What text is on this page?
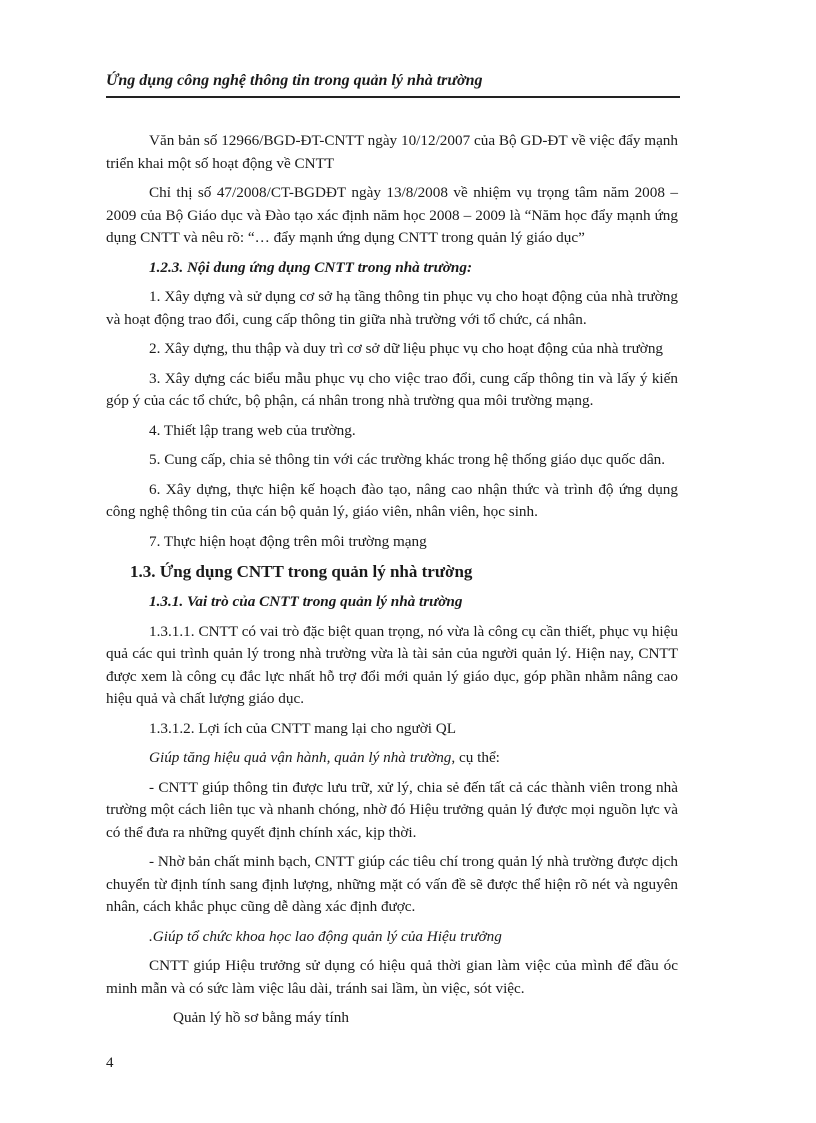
Ứng dụng công nghệ thông tin trong quản lý nhà trường

Văn bản số 12966/BGD-ĐT-CNTT ngày 10/12/2007 của Bộ GD-ĐT về việc đẩy mạnh triển khai một số hoạt động về CNTT

Chỉ thị số 47/2008/CT-BGDĐT ngày 13/8/2008 về nhiệm vụ trọng tâm năm 2008 – 2009 của Bộ Giáo dục và Đào tạo xác định năm học 2008 – 2009 là “Năm học đẩy mạnh ứng dụng CNTT và nêu rõ: “… đẩy mạnh ứng dụng CNTT trong quản lý giáo dục”

1.2.3. Nội dung ứng dụng CNTT trong nhà trường:

1. Xây dựng và sử dụng cơ sở hạ tầng thông tin phục vụ cho hoạt động của nhà trường và hoạt động trao đổi, cung cấp thông tin giữa nhà trường với tổ chức, cá nhân.

2. Xây dựng, thu thập và duy trì cơ sở dữ liệu phục vụ cho hoạt động của nhà trường

3. Xây dựng các biểu mẫu phục vụ cho việc trao đổi, cung cấp thông tin và lấy ý kiến góp ý của các tổ chức, bộ phận, cá nhân trong nhà trường qua môi trường mạng.

4. Thiết lập trang web của trường.

5. Cung cấp, chia sẻ thông tin với các trường khác trong hệ thống giáo dục quốc dân.

6. Xây dựng, thực hiện kế hoạch đào tạo, nâng cao nhận thức và trình độ ứng dụng công nghệ thông tin của cán bộ quản lý, giáo viên, nhân viên, học sinh.

7. Thực hiện hoạt động trên môi trường mạng

1.3. Ứng dụng CNTT trong quản lý nhà trường

1.3.1. Vai trò của CNTT trong quản lý nhà trường

1.3.1.1. CNTT có vai trò đặc biệt quan trọng, nó vừa là công cụ cần thiết, phục vụ hiệu quả các qui trình quản lý trong nhà trường vừa là tài sản của người quản lý. Hiện nay, CNTT được xem là công cụ đắc lực nhất hỗ trợ đổi mới quản lý giáo dục, góp phần nhằm nâng cao hiệu quả và chất lượng giáo dục.

1.3.1.2. Lợi ích của CNTT mang lại cho người QL

Giúp tăng hiệu quả vận hành, quản lý nhà trường, cụ thể:

- CNTT giúp thông tin được lưu trữ, xử lý, chia sẻ đến tất cả các thành viên trong nhà trường một cách liên tục và nhanh chóng, nhờ đó Hiệu trưởng quản lý được mọi nguồn lực và có thể đưa ra những quyết định chính xác, kịp thời.

- Nhờ bản chất minh bạch, CNTT giúp các tiêu chí trong quản lý nhà trường được dịch chuyển từ định tính sang định lượng, những mặt có vấn đề sẽ được thể hiện rõ nét và nguyên nhân, cách khắc phục cũng dễ dàng xác định được.

.Giúp tổ chức khoa học lao động quản lý của Hiệu trưởng

CNTT giúp Hiệu trưởng sử dụng có hiệu quả thời gian làm việc của mình để đầu óc minh mẫn và có sức làm việc lâu dài, tránh sai lầm, ùn việc, sót việc.

Quản lý hồ sơ bằng máy tính

4
